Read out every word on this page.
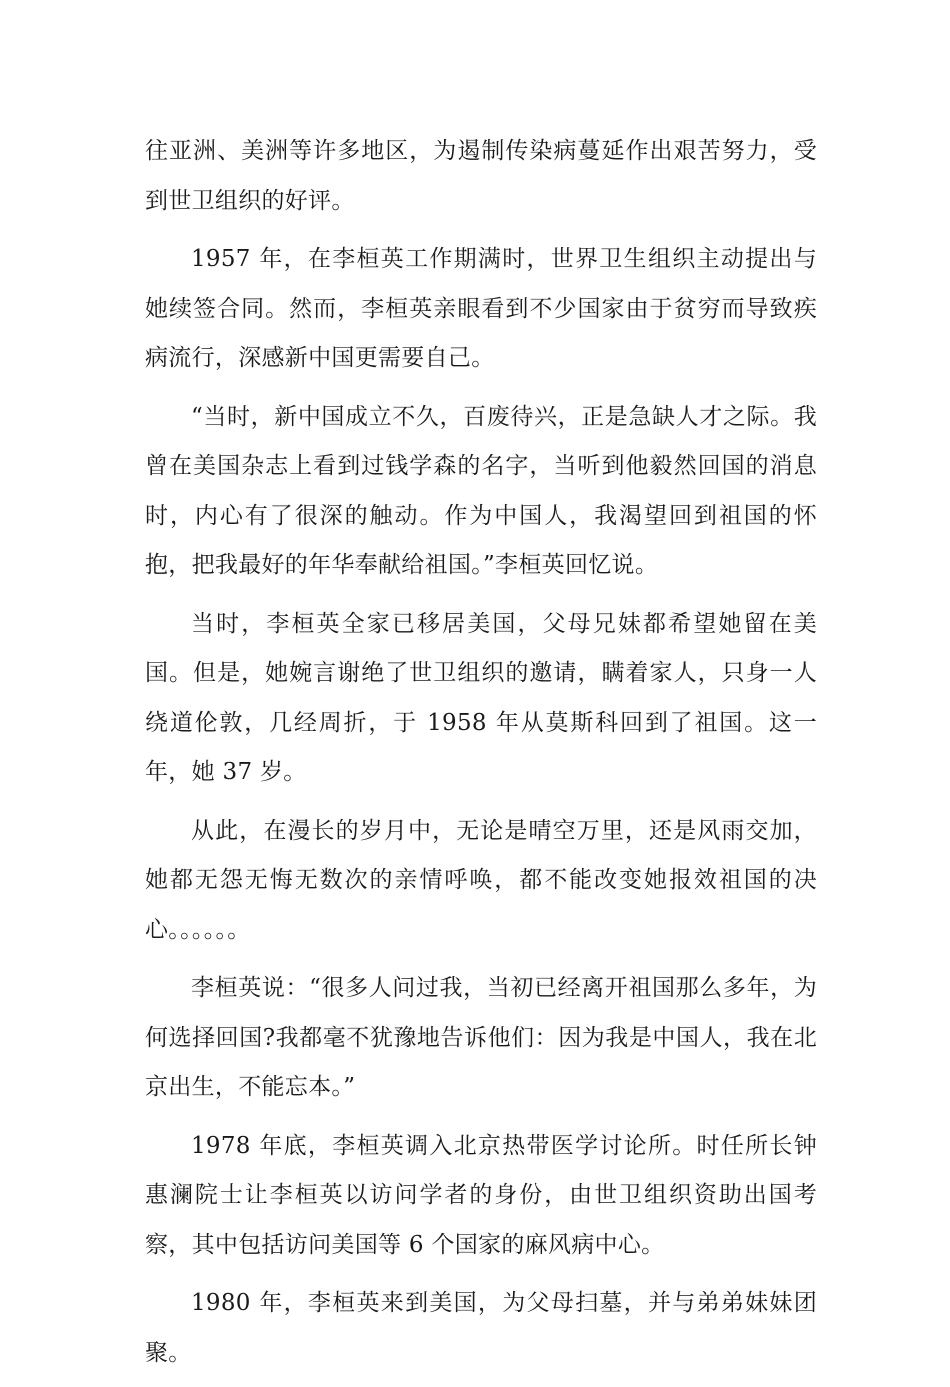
往亚洲、美洲等许多地区，为遏制传染病蔓延作出艰苦努力，受到世卫组织的好评。

1957 年，在李桓英工作期满时，世界卫生组织主动提出与她续签合同。然而，李桓英亲眼看到不少国家由于贫穷而导致疾病流行，深感新中国更需要自己。

“当时，新中国成立不久，百废待兴，正是急缺人才之际。我曾在美国杂志上看到过钱学森的名字，当听到他毅然回国的消息时，内心有了很深的触动。作为中国人，我渴望回到祖国的怀抱，把我最好的年华奉献给祖国。”李桓英回忆说。

当时，李桓英全家已移居美国，父母兄妹都希望她留在美国。但是，她婉言谢绝了世卫组织的邀请，瞒着家人，只身一人绕道伦敦，几经周折，于 1958 年从莫斯科回到了祖国。这一年，她 37 岁。

从此，在漫长的岁月中，无论是晴空万里，还是风雨交加，她都无怨无悔无数次的亲情呼唤，都不能改变她报效祖国的决心。。。。。。

李桓英说：“很多人问过我，当初已经离开祖国那么多年，为何选择回国?我都毫不犹豫地告诉他们：因为我是中国人，我在北京出生，不能忘本。”

1978 年底，李桓英调入北京热带医学讨论所。时任所长钟惠澜院士让李桓英以访问学者的身份，由世卫组织资助出国考察，其中包括访问美国等 6 个国家的麻风病中心。

1980 年，李桓英来到美国，为父母扫墓，并与弟弟妹妹团聚。
